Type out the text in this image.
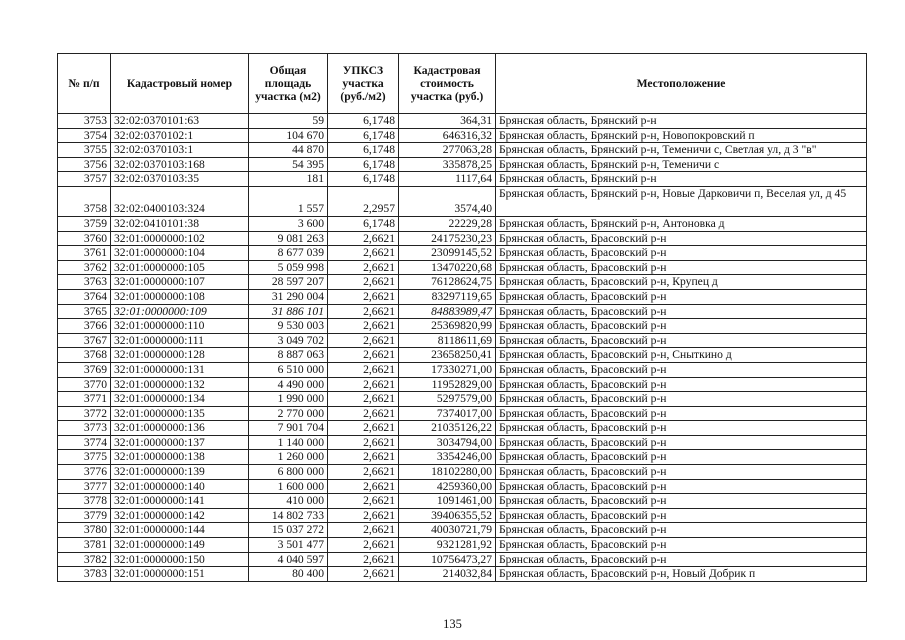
№ п/п	Кадастровый номер	Общая площадь участка (м2)	УПКСЗ участка (руб./м2)	Кадастровая стоимость участка (руб.)	Местоположение
3753	32:02:0370101:63	59	6,1748	364,31	Брянская область, Брянский р-н
3754	32:02:0370102:1	104 670	6,1748	646316,32	Брянская область, Брянский р-н, Новопокровский п
3755	32:02:0370103:1	44 870	6,1748	277063,28	Брянская область, Брянский р-н, Теменичи с, Светлая ул, д 3 "в"
3756	32:02:0370103:168	54 395	6,1748	335878,25	Брянская область, Брянский р-н, Теменичи с
3757	32:02:0370103:35	181	6,1748	1117,64	Брянская область, Брянский р-н
3758	32:02:0400103:324	1 557	2,2957	3574,40	Брянская область, Брянский р-н, Новые Дарковичи п, Веселая ул, д 45
3759	32:02:0410101:38	3 600	6,1748	22229,28	Брянская область, Брянский р-н, Антоновка д
3760	32:01:0000000:102	9 081 263	2,6621	24175230,23	Брянская область, Брасовский р-н
3761	32:01:0000000:104	8 677 039	2,6621	23099145,52	Брянская область, Брасовский р-н
3762	32:01:0000000:105	5 059 998	2,6621	13470220,68	Брянская область, Брасовский р-н
3763	32:01:0000000:107	28 597 207	2,6621	76128624,75	Брянская область, Брасовский р-н, Крупец д
3764	32:01:0000000:108	31 290 004	2,6621	83297119,65	Брянская область, Брасовский р-н
3765	32:01:0000000:109	31 886 101	2,6621	84883989,47	Брянская область, Брасовский р-н
3766	32:01:0000000:110	9 530 003	2,6621	25369820,99	Брянская область, Брасовский р-н
3767	32:01:0000000:111	3 049 702	2,6621	8118611,69	Брянская область, Брасовский р-н
3768	32:01:0000000:128	8 887 063	2,6621	23658250,41	Брянская область, Брасовский р-н, Сныткино д
3769	32:01:0000000:131	6 510 000	2,6621	17330271,00	Брянская область, Брасовский р-н
3770	32:01:0000000:132	4 490 000	2,6621	11952829,00	Брянская область, Брасовский р-н
3771	32:01:0000000:134	1 990 000	2,6621	5297579,00	Брянская область, Брасовский р-н
3772	32:01:0000000:135	2 770 000	2,6621	7374017,00	Брянская область, Брасовский р-н
3773	32:01:0000000:136	7 901 704	2,6621	21035126,22	Брянская область, Брасовский р-н
3774	32:01:0000000:137	1 140 000	2,6621	3034794,00	Брянская область, Брасовский р-н
3775	32:01:0000000:138	1 260 000	2,6621	3354246,00	Брянская область, Брасовский р-н
3776	32:01:0000000:139	6 800 000	2,6621	18102280,00	Брянская область, Брасовский р-н
3777	32:01:0000000:140	1 600 000	2,6621	4259360,00	Брянская область, Брасовский р-н
3778	32:01:0000000:141	410 000	2,6621	1091461,00	Брянская область, Брасовский р-н
3779	32:01:0000000:142	14 802 733	2,6621	39406355,52	Брянская область, Брасовский р-н
3780	32:01:0000000:144	15 037 272	2,6621	40030721,79	Брянская область, Брасовский р-н
3781	32:01:0000000:149	3 501 477	2,6621	9321281,92	Брянская область, Брасовский р-н
3782	32:01:0000000:150	4 040 597	2,6621	10756473,27	Брянская область, Брасовский р-н
3783	32:01:0000000:151	80 400	2,6621	214032,84	Брянская область, Брасовский р-н, Новый Добрик п
135
